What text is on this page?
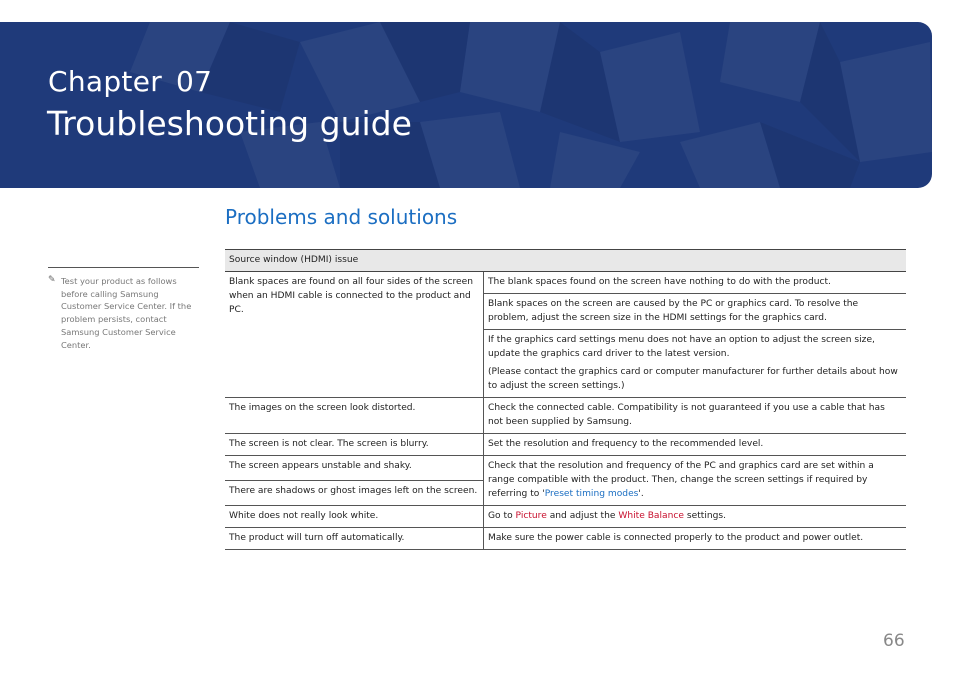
Chapter 07
Troubleshooting guide
Problems and solutions
✎ Test your product as follows before calling Samsung Customer Service Center. If the problem persists, contact Samsung Customer Service Center.
Source window (HDMI) issue	
Blank spaces are found on all four sides of the screen when an HDMI cable is connected to the product and PC.	The blank spaces found on the screen have nothing to do with the product.
	Blank spaces on the screen are caused by the PC or graphics card. To resolve the problem, adjust the screen size in the HDMI settings for the graphics card.

	If the graphics card settings menu does not have an option to adjust the screen size, update the graphics card driver to the latest version.
(Please contact the graphics card or computer manufacturer for further details about how to adjust the screen settings.)

The images on the screen look distorted.	Check the connected cable. Compatibility is not guaranteed if you use a cable that has not been supplied by Samsung.
The screen is not clear. The screen is blurry.	Set the resolution and frequency to the recommended level.
The screen appears unstable and shaky.	Check that the resolution and frequency of the PC and graphics card are set within a range compatible with the product. Then, change the screen settings if required by referring to 'Preset timing modes'.
There are shadows or ghost images left on the screen.	
White does not really look white.	Go to Picture and adjust the White Balance settings.
The product will turn off automatically.	Make sure the power cable is connected properly to the product and power outlet.
66
